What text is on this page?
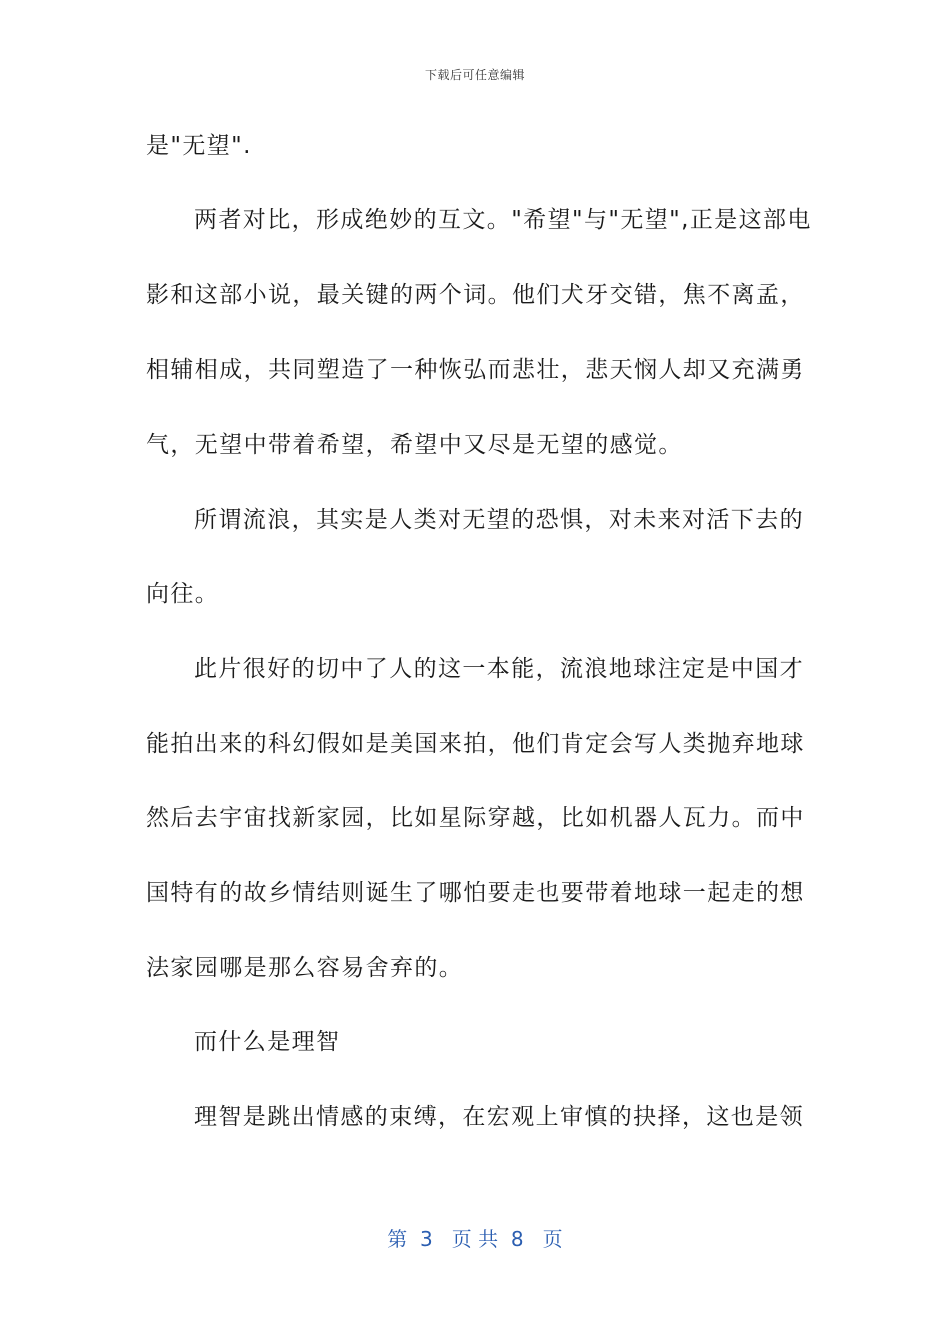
下载后可任意编辑
是"无望".
两者对比，形成绝妙的互文。"希望"与"无望",正是这部电
影和这部小说，最关键的两个词。他们犬牙交错，焦不离孟，
相辅相成，共同塑造了一种恢弘而悲壮，悲天悯人却又充满勇
气，无望中带着希望，希望中又尽是无望的感觉。
所谓流浪，其实是人类对无望的恐惧，对未来对活下去的
向往。
此片很好的切中了人的这一本能，流浪地球注定是中国才
能拍出来的科幻假如是美国来拍，他们肯定会写人类抛弃地球
然后去宇宙找新家园，比如星际穿越，比如机器人瓦力。而中
国特有的故乡情结则诞生了哪怕要走也要带着地球一起走的想
法家园哪是那么容易舍弃的。
而什么是理智
理智是跳出情感的束缚，在宏观上审慎的抉择，这也是领
第  3   页 共  8   页
